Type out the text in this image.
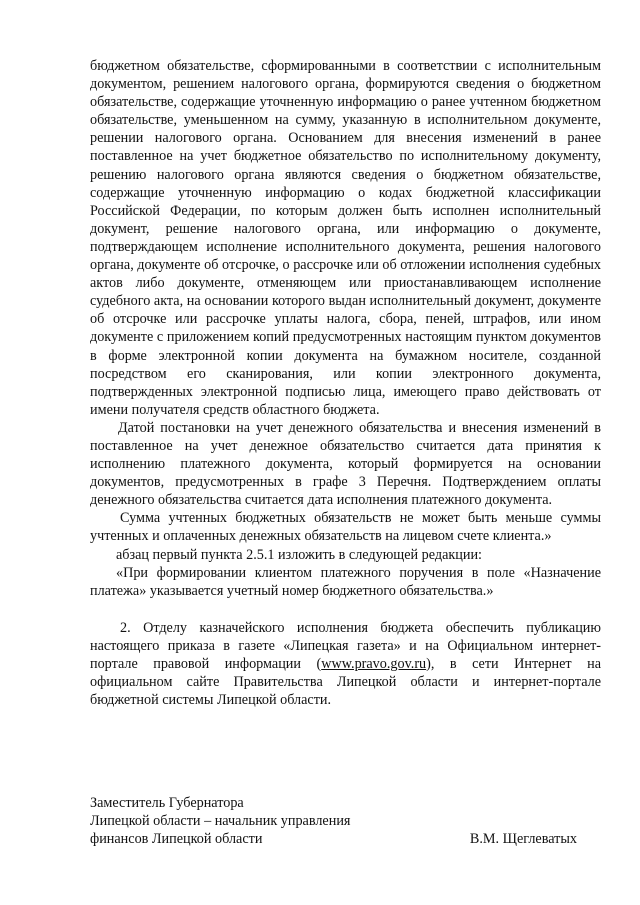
бюджетном обязательстве, сформированными в соответствии с исполнительным документом, решением налогового органа, формируются сведения о бюджетном обязательстве, содержащие уточненную информацию о ранее учтенном бюджетном обязательстве, уменьшенном на сумму, указанную в исполнительном документе, решении налогового органа. Основанием для внесения изменений в ранее поставленное на учет бюджетное обязательство по исполнительному документу, решению налогового органа являются сведения о бюджетном обязательстве, содержащие уточненную информацию о кодах бюджетной классификации Российской Федерации, по которым должен быть исполнен исполнительный документ, решение налогового органа, или информацию о документе, подтверждающем исполнение исполнительного документа, решения налогового органа, документе об отсрочке, о рассрочке или об отложении исполнения судебных актов либо документе, отменяющем или приостанавливающем исполнение судебного акта, на основании которого выдан исполнительный документ, документе об отсрочке или рассрочке уплаты налога, сбора, пеней, штрафов, или ином документе с приложением копий предусмотренных настоящим пунктом документов в форме электронной копии документа на бумажном носителе, созданной посредством его сканирования, или копии электронного документа, подтвержденных электронной подписью лица, имеющего право действовать от имени получателя средств областного бюджета.

Датой постановки на учет денежного обязательства и внесения изменений в поставленное на учет денежное обязательство считается дата принятия к исполнению платежного документа, который формируется на основании документов, предусмотренных в графе 3 Перечня. Подтверждением оплаты денежного обязательства считается дата исполнения платежного документа.

Сумма учтенных бюджетных обязательств не может быть меньше суммы учтенных и оплаченных денежных обязательств на лицевом счете клиента.»

абзац первый пункта 2.5.1 изложить в следующей редакции:

«При формировании клиентом платежного поручения в поле «Назначение платежа» указывается учетный номер бюджетного обязательства.»

2. Отделу казначейского исполнения бюджета обеспечить публикацию настоящего приказа в газете «Липецкая газета» и на Официальном интернет-портале правовой информации (www.pravo.gov.ru), в сети Интернет на официальном сайте Правительства Липецкой области и интернет-портале бюджетной системы Липецкой области.

Заместитель Губернатора
Липецкой области – начальник управления
финансов Липецкой области	В.М. Щеглеватых
